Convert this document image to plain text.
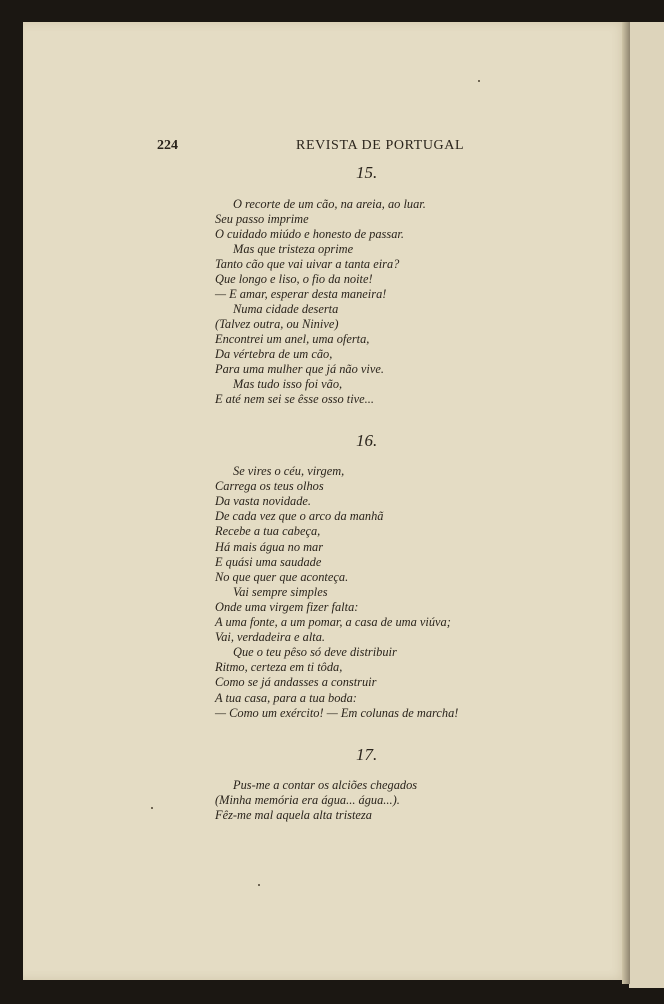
224	REVISTA DE PORTUGAL
15.
O recorte de um cão, na areia, ao luar.
Seu passo imprime
O cuidado miúdo e honesto de passar.
Mas que tristeza oprime
Tanto cão que vai uivar a tanta eira?
Que longo e liso, o fio da noite!
— E amar, esperar desta maneira!
Numa cidade deserta
(Talvez outra, ou Ninive)
Encontrei um anel, uma oferta,
Da vértebra de um cão,
Para uma mulher que já não vive.
Mas tudo isso foi vão,
E até nem sei se êsse osso tive...
16.
Se vires o céu, virgem,
Carrega os teus olhos
Da vasta novidade.
De cada vez que o arco da manhã
Recebe a tua cabeça,
Há mais água no mar
E quási uma saudade
No que quer que aconteça.
Vai sempre simples
Onde uma virgem fizer falta:
A uma fonte, a um pomar, a casa de uma viúva;
Vai, verdadeira e alta.
Que o teu pêso só deve distribuir
Ritmo, certeza em ti tôda,
Como se já andasses a construir
A tua casa, para a tua boda:
— Como um exército! — Em colunas de marcha!
17.
Pus-me a contar os alciões chegados
(Minha memória era água... água...).
Fêz-me mal aquela alta tristeza
